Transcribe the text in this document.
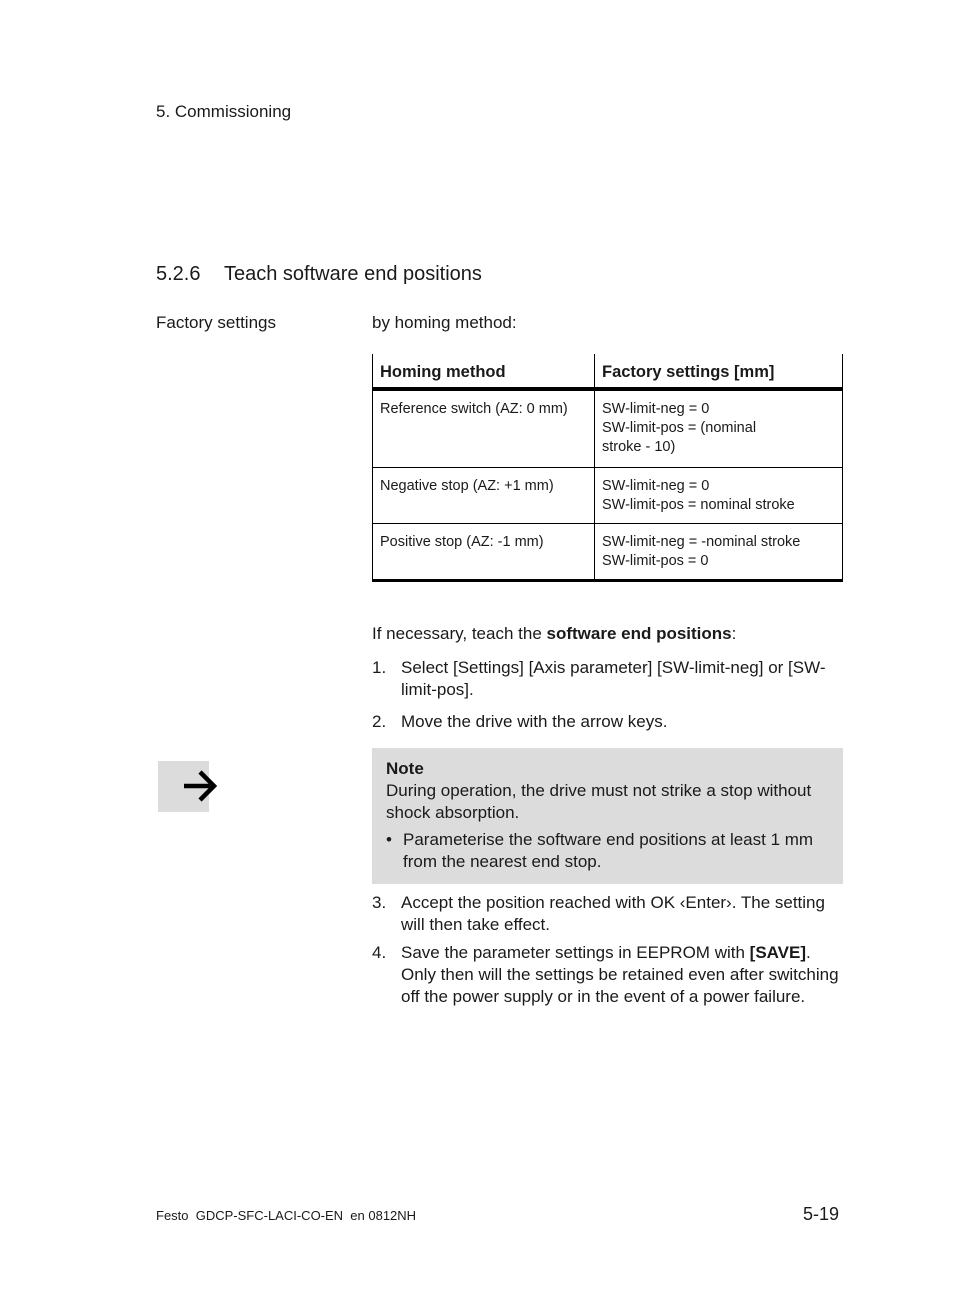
5. Commissioning
5.2.6 Teach software end positions
Factory settings	by homing method:
Homing method	Factory settings [mm]
Reference switch (AZ: 0 mm)	SW-limit-neg = 0
SW-limit-pos = (nominal
stroke - 10)

Negative stop (AZ: +1 mm)	SW-limit-neg = 0
SW-limit-pos = nominal stroke

Positive stop (AZ: -1 mm)	SW-limit-neg = -nominal stroke
SW-limit-pos = 0
If necessary, teach the software end positions:
1. Select [Settings] [Axis parameter] [SW-limit-neg] or [SW-limit-pos].
2. Move the drive with the arrow keys.
Note
During operation, the drive must not strike a stop without shock absorption.
• Parameterise the software end positions at least 1 mm from the nearest end stop.
3. Accept the position reached with OK ‹Enter›. The setting will then take effect.
4. Save the parameter settings in EEPROM with [SAVE]. Only then will the settings be retained even after switching off the power supply or in the event of a power failure.
Festo  GDCP-SFC-LACI-CO-EN  en 0812NH	5-19
